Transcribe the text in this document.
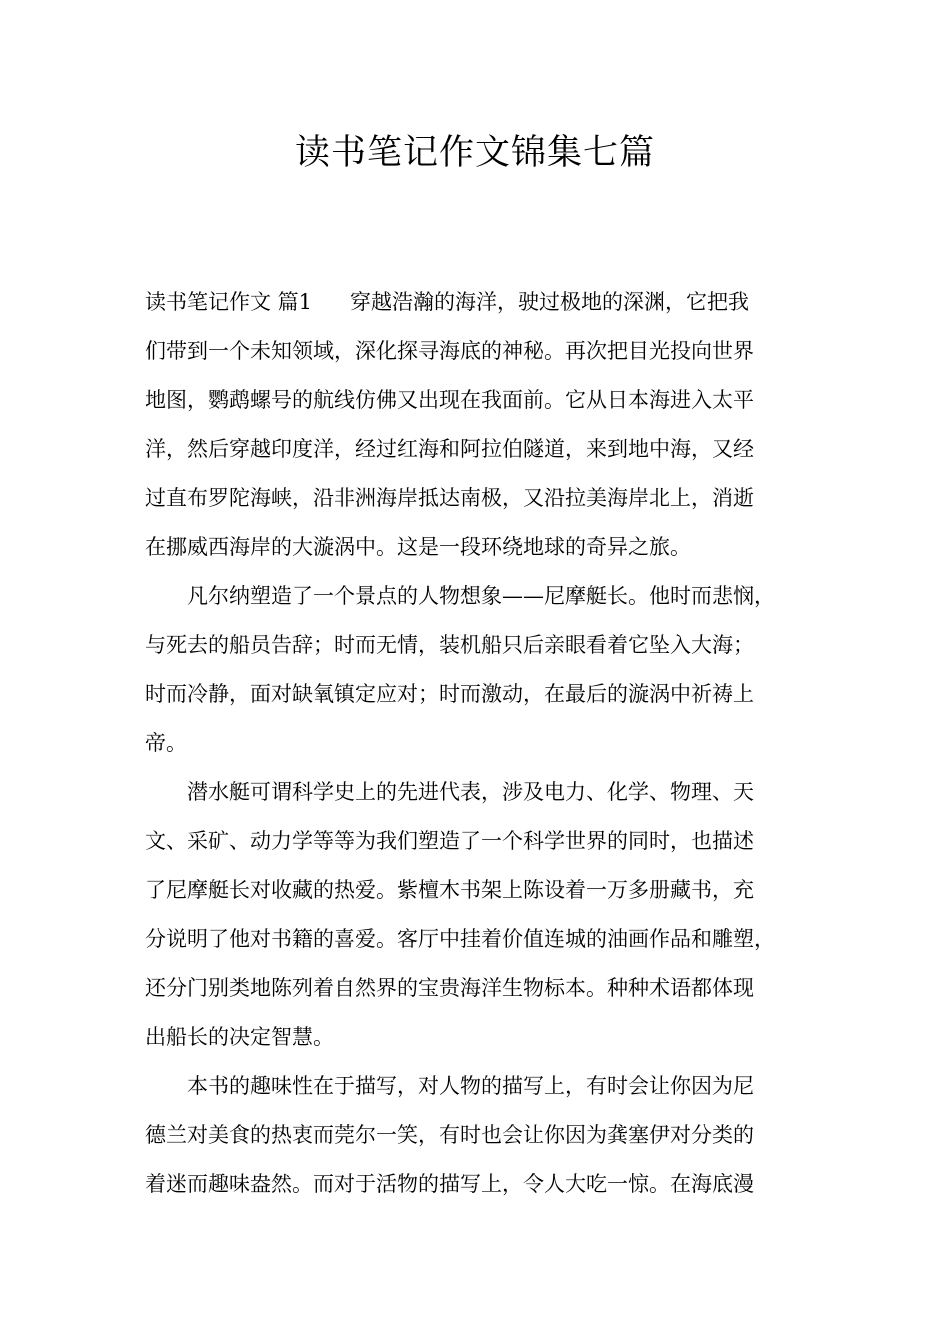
读书笔记作文锦集七篇
读书笔记作文 篇1 穿越浩瀚的海洋，驶过极地的深渊，它把我
们带到一个未知领域，深化探寻海底的神秘。再次把目光投向世界
地图，鹦鹉螺号的航线仿佛又出现在我面前。它从日本海进入太平
洋，然后穿越印度洋，经过红海和阿拉伯隧道，来到地中海，又经
过直布罗陀海峡，沿非洲海岸抵达南极，又沿拉美海岸北上，消逝
在挪威西海岸的大漩涡中。这是一段环绕地球的奇异之旅。
凡尔纳塑造了一个景点的人物想象——尼摩艇长。他时而悲悯，
与死去的船员告辞；时而无情，装机船只后亲眼看着它坠入大海；
时而冷静，面对缺氧镇定应对；时而激动，在最后的漩涡中祈祷上
帝。
潜水艇可谓科学史上的先进代表，涉及电力、化学、物理、天
文、采矿、动力学等等为我们塑造了一个科学世界的同时，也描述
了尼摩艇长对收藏的热爱。紫檀木书架上陈设着一万多册藏书，充
分说明了他对书籍的喜爱。客厅中挂着价值连城的油画作品和雕塑，
还分门别类地陈列着自然界的宝贵海洋生物标本。种种术语都体现
出船长的决定智慧。
本书的趣味性在于描写，对人物的描写上，有时会让你因为尼
德兰对美食的热衷而莞尔一笑，有时也会让你因为龚塞伊对分类的
着迷而趣味盎然。而对于活物的描写上，令人大吃一惊。在海底漫
